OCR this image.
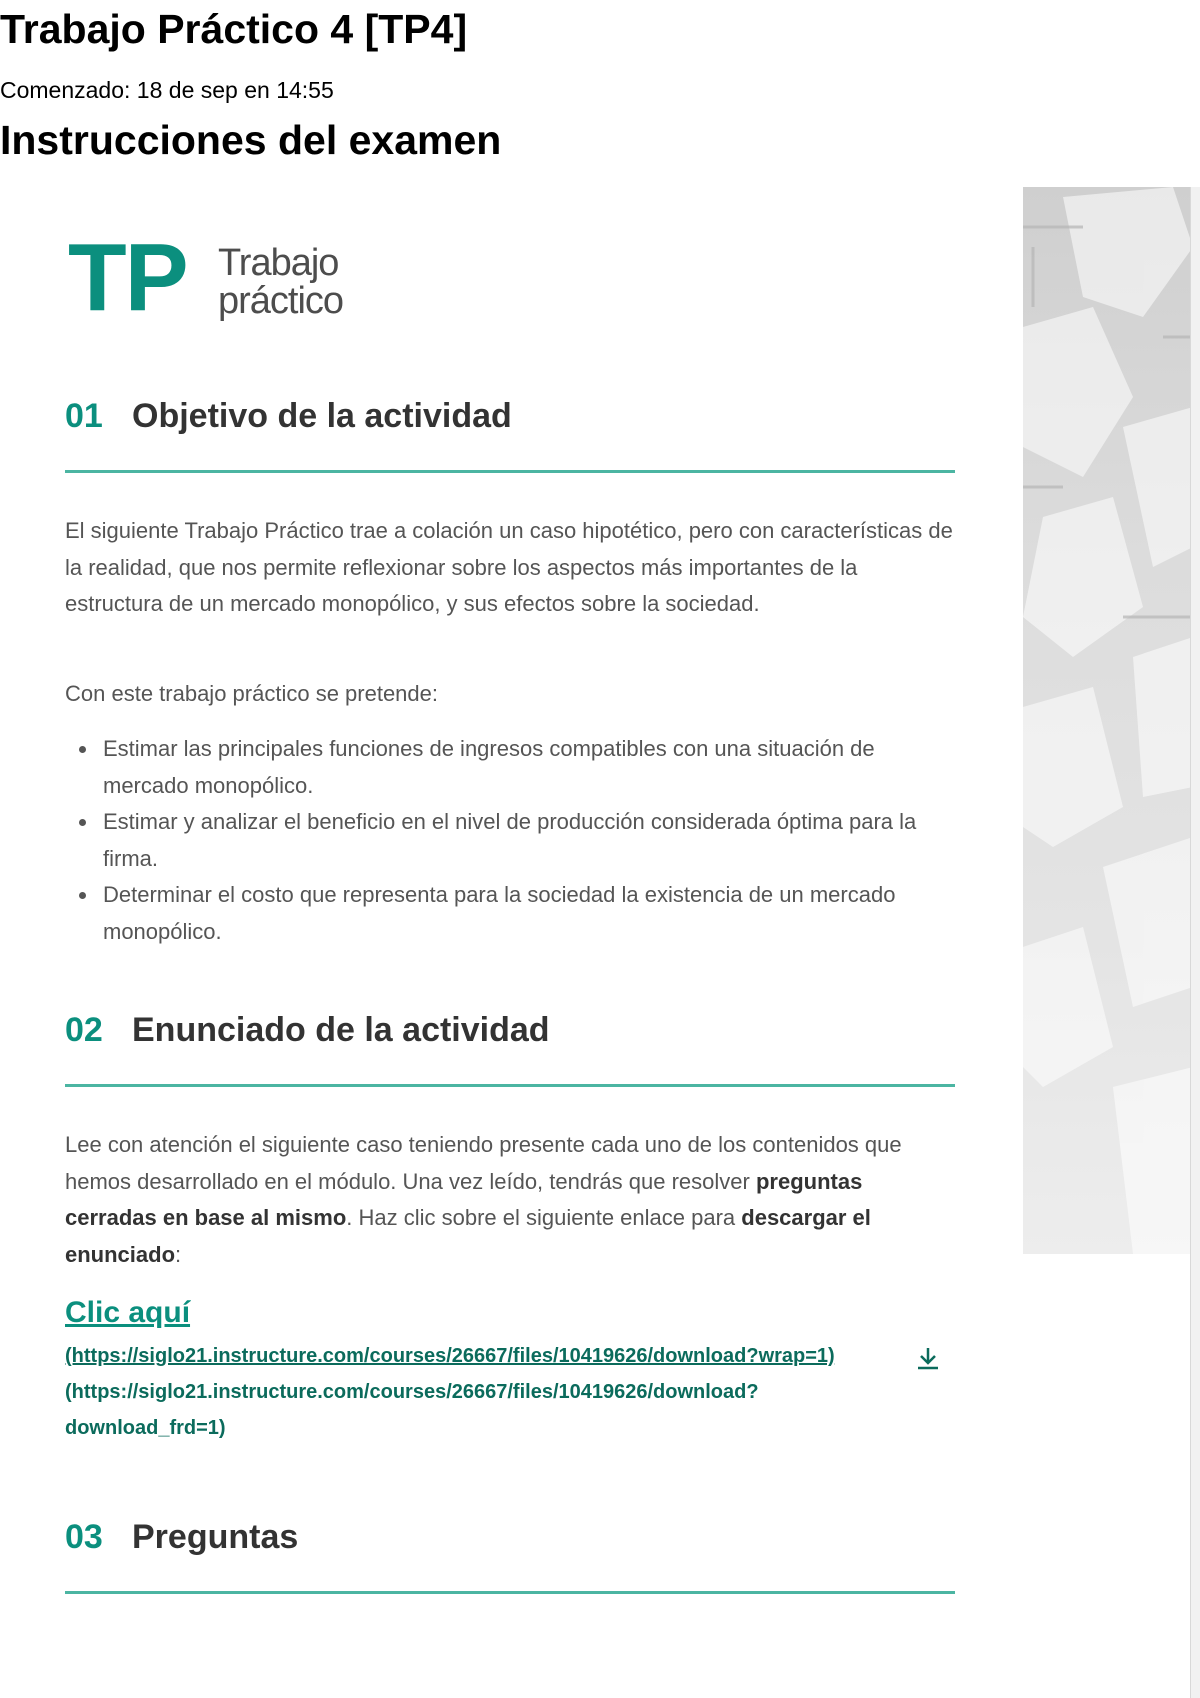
Trabajo Práctico 4 [TP4]
Comenzado: 18 de sep en 14:55
Instrucciones del examen
TP Trabajo
práctico
01 Objetivo de la actividad

El siguiente Trabajo Práctico trae a colación un caso hipotético, pero con características de la realidad, que nos permite reflexionar sobre los aspectos más importantes de la estructura de un mercado monopólico, y sus efectos sobre la sociedad.

Con este trabajo práctico se pretende:

Estimar las principales funciones de ingresos compatibles con una situación de mercado monopólico.
Estimar y analizar el beneficio en el nivel de producción considerada óptima para la firma.
Determinar el costo que representa para la sociedad la existencia de un mercado monopólico.
02 Enunciado de la actividad

Lee con atención el siguiente caso teniendo presente cada uno de los contenidos que hemos desarrollado en el módulo. Una vez leído, tendrás que resolver preguntas cerradas en base al mismo. Haz clic sobre el siguiente enlace para descargar el enunciado:

Clic aquí
(https://siglo21.instructure.com/courses/26667/files/10419626/download?wrap=1)
(https://siglo21.instructure.com/courses/26667/files/10419626/download?
download_frd=1)
03 Preguntas
